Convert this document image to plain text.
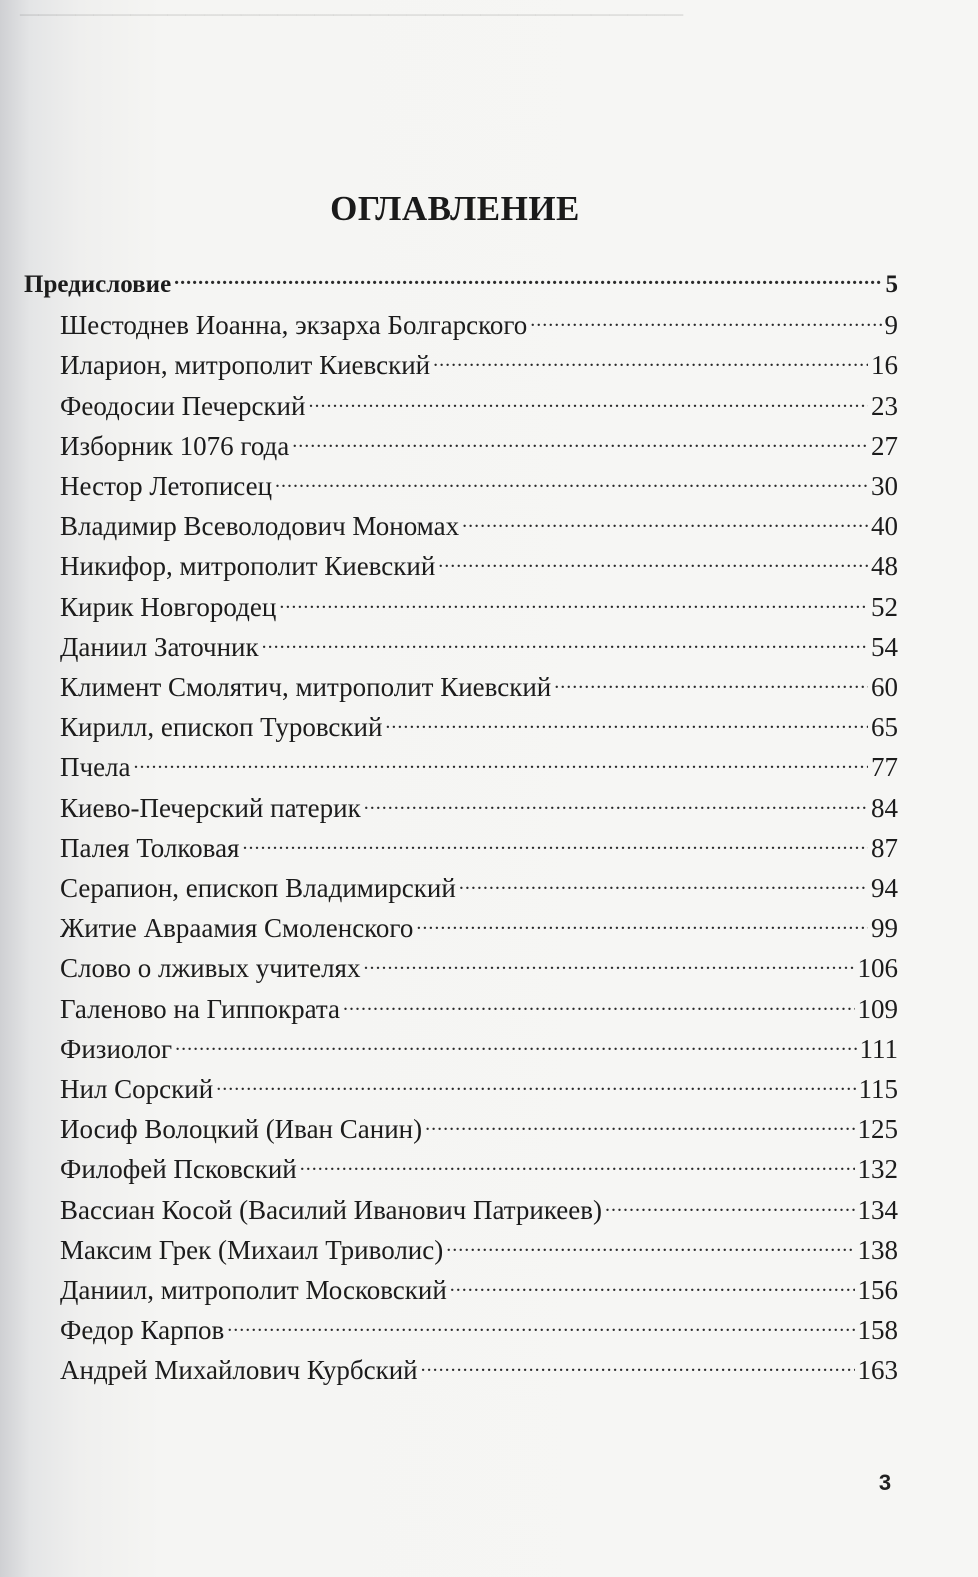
────────────────────────────────────
ОГЛАВЛЕНИЕ
Предисловие .....	5
Шестоднев Иоанна, экзарха Болгарского .....	9
Иларион, митрополит Киевский .....	16
Феодосии Печерский .....	23
Изборник 1076 года .....	27
Нестор Летописец .....	30
Владимир Всеволодович Мономах .....	40
Никифор, митрополит Киевский .....	48
Кирик Новгородец .....	52
Даниил Заточник .....	54
Климент Смолятич, митрополит Киевский .....	60
Кирилл, епископ Туровский .....	65
Пчела .....	77
Киево-Печерский патерик .....	84
Палея Толковая .....	87
Серапион, епископ Владимирский .....	94
Житие Авраамия Смоленского .....	99
Слово о лживых учителях .....	106
Галеново на Гиппократа .....	109
Физиолог .....	111
Нил Сорский .....	115
Иосиф Волоцкий (Иван Санин) .....	125
Филофей Псковский .....	132
Вассиан Косой (Василий Иванович Патрикеев) .....	134
Максим Грек (Михаил Триволис) .....	138
Даниил, митрополит Московский .....	156
Федор Карпов .....	158
Андрей Михайлович Курбский .....	163
3
